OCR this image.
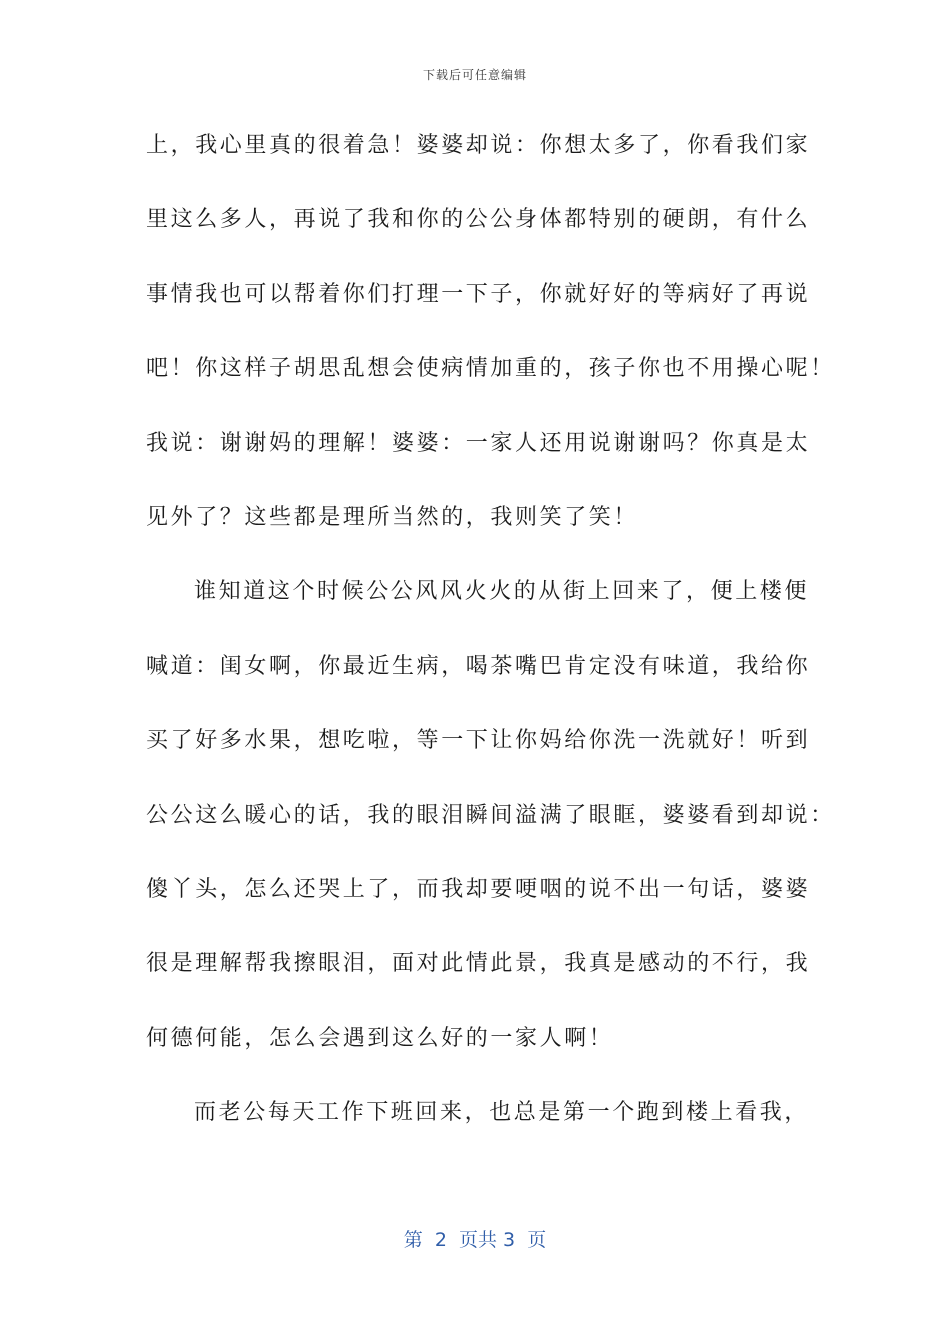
下载后可任意编辑
上，我心里真的很着急！婆婆却说：你想太多了，你看我们家
里这么多人，再说了我和你的公公身体都特别的硬朗，有什么
事情我也可以帮着你们打理一下子，你就好好的等病好了再说
吧！你这样子胡思乱想会使病情加重的，孩子你也不用操心呢！
我说：谢谢妈的理解！婆婆：一家人还用说谢谢吗？你真是太
见外了？这些都是理所当然的，我则笑了笑！
谁知道这个时候公公风风火火的从街上回来了，便上楼便
喊道：闺女啊，你最近生病，喝茶嘴巴肯定没有味道，我给你
买了好多水果，想吃啦，等一下让你妈给你洗一洗就好！听到
公公这么暖心的话，我的眼泪瞬间溢满了眼眶，婆婆看到却说：
傻丫头，怎么还哭上了，而我却要哽咽的说不出一句话，婆婆
很是理解帮我擦眼泪，面对此情此景，我真是感动的不行，我
何德何能，怎么会遇到这么好的一家人啊！
而老公每天工作下班回来，也总是第一个跑到楼上看我，
第  2  页共 3  页
